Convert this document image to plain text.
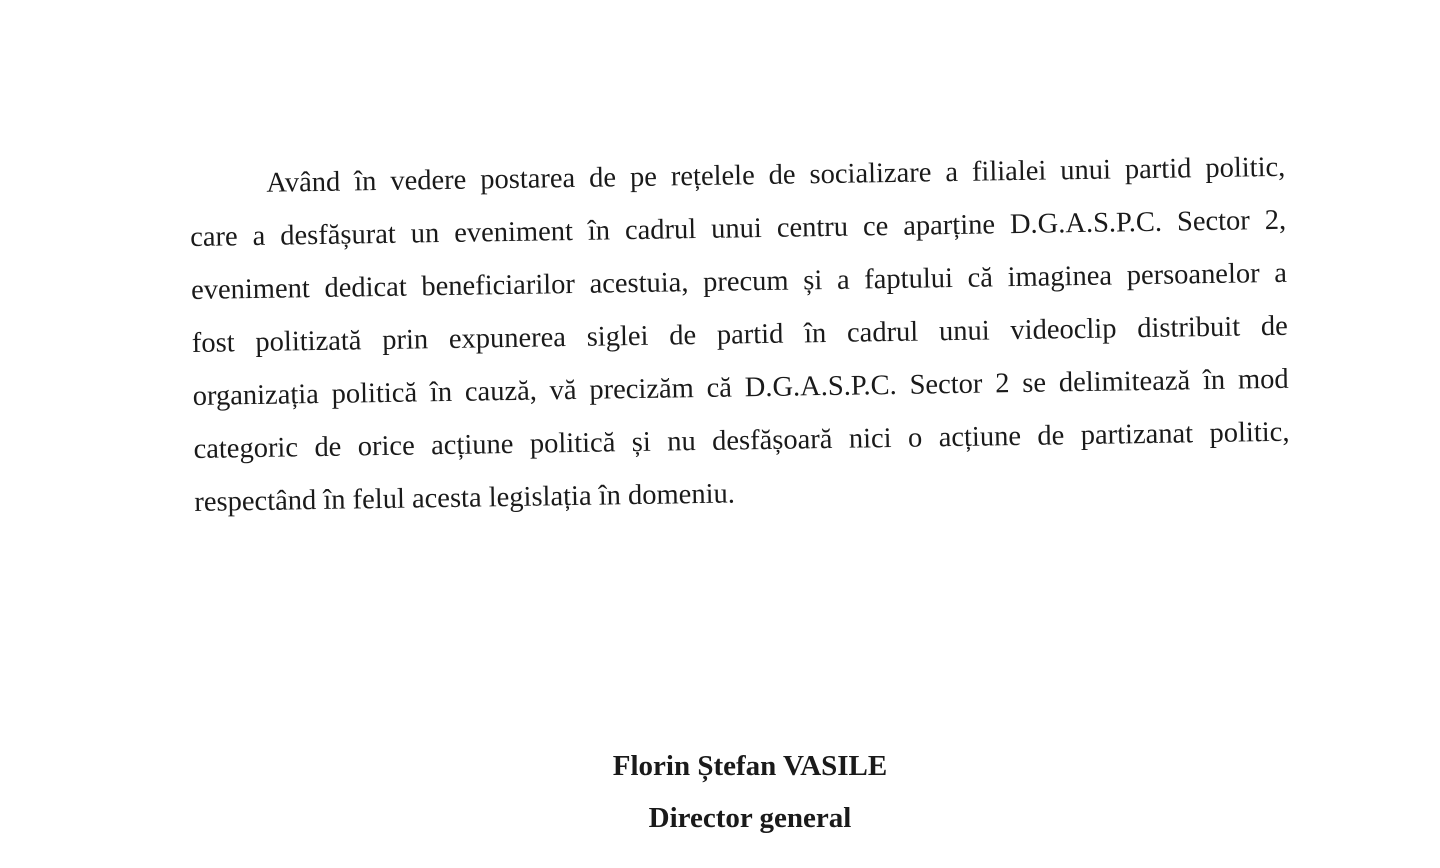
Având în vedere postarea de pe rețelele de socializare a filialei unui partid politic,
care a desfășurat un eveniment în cadrul unui centru ce aparține D.G.A.S.P.C. Sector 2,
eveniment dedicat beneficiarilor acestuia, precum și a faptului că imaginea persoanelor a
fost politizată prin expunerea siglei de partid în cadrul unui videoclip distribuit de
organizația politică în cauză, vă precizăm că D.G.A.S.P.C. Sector 2 se delimitează în mod
categoric de orice acțiune politică și nu desfășoară nici o acțiune de partizanat politic,
respectând în felul acesta legislația în domeniu.
Florin Ștefan VASILE
Director general
